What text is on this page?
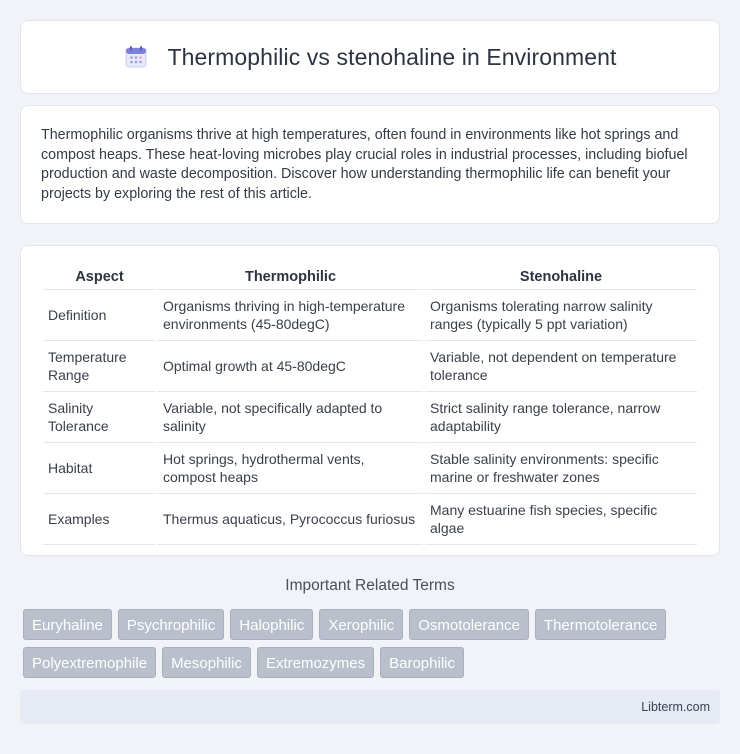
Thermophilic vs stenohaline in Environment

Thermophilic organisms thrive at high temperatures, often found in environments like hot springs and compost heaps. These heat-loving microbes play crucial roles in industrial processes, including biofuel production and waste decomposition. Discover how understanding thermophilic life can benefit your projects by exploring the rest of this article.

Aspect	Thermophilic	Stenohaline
Definition	Organisms thriving in high-temperature environments (45-80degC)	Organisms tolerating narrow salinity ranges (typically 5 ppt variation)
Temperature Range	Optimal growth at 45-80degC	Variable, not dependent on temperature tolerance
Salinity Tolerance	Variable, not specifically adapted to salinity	Strict salinity range tolerance, narrow adaptability
Habitat	Hot springs, hydrothermal vents, compost heaps	Stable salinity environments: specific marine or freshwater zones
Examples	Thermus aquaticus, Pyrococcus furiosus	Many estuarine fish species, specific algae
Important Related Terms
Euryhaline	Psychrophilic	Halophilic	Xerophilic	Osmotolerance	Thermotolerance
Polyextremophile	Mesophilic	Extremozymes	Barophilic
Libterm.com
